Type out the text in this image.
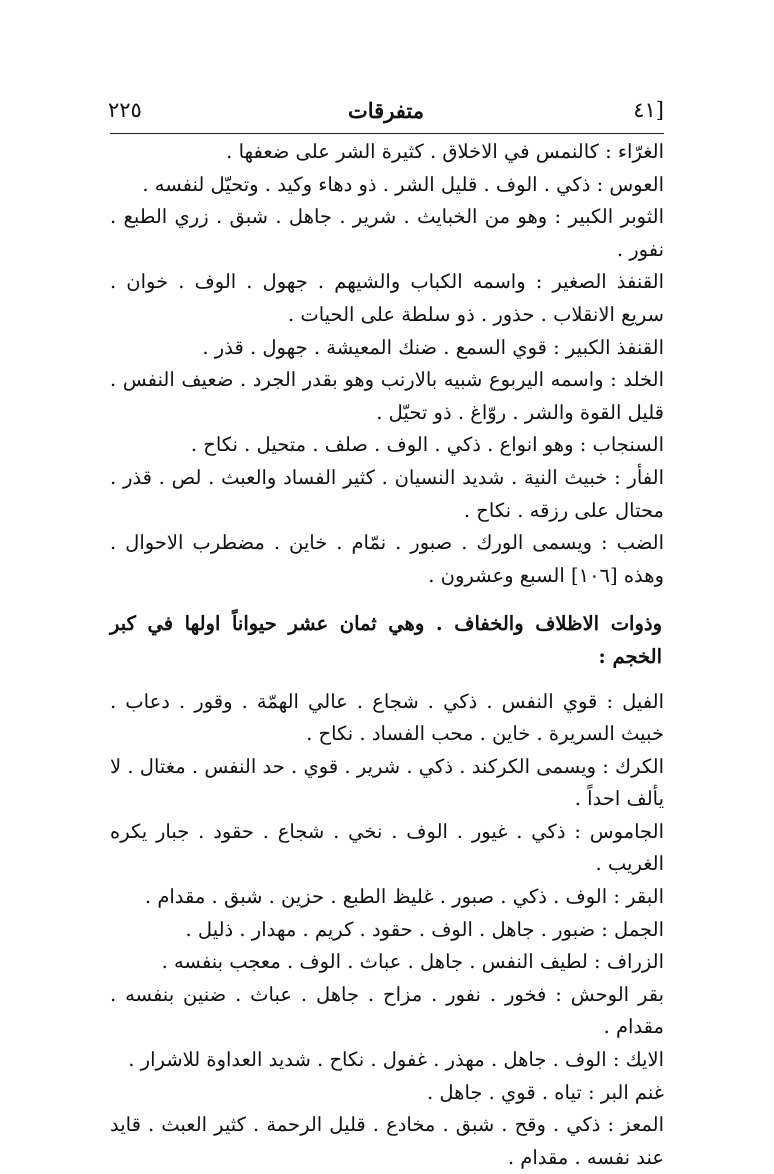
[٤١
متفرقات
٢٢٥

الغرّاء : كالنمس في الاخلاق . كثيرة الشر على ضعفها .

العوس : ذكي . الوف . قليل الشر . ذو دهاء وكيد . وتحيّل لنفسه .

الثوبر الكبير : وهو من الخبايث . شرير . جاهل . شبق . زري الطبع . نفور .

القنفذ الصغير : واسمه الكباب والشيهم . جهول . الوف . خوان . سريع الانقلاب . حذور . ذو سلطة على الحيات .

القنفذ الكبير : قوي السمع . ضنك المعيشة . جهول . قذر .

الخلد : واسمه اليربوع شبيه بالارنب وهو بقدر الجرد . ضعيف النفس . قليل القوة والشر . روّاغ . ذو تحيّل .

السنجاب : وهو انواع . ذكي . الوف . صلف . متحيل . نكاح .

الفأر : خبيث النية . شديد النسيان . كثير الفساد والعبث . لص . قذر . محتال على رزقه . نكاح .

الضب : ويسمى الورك . صبور . نمّام . خاين . مضطرب الاحوال . وهذه [١٠٦] السبع وعشرون .

وذوات الاظلاف والخفاف . وهي ثمان عشر حيواناً اولها في كبر الخجم :

الفيل : قوي النفس . ذكي . شجاع . عالي الهمّة . وقور . دعاب . خبيث السريرة . خاين . محب الفساد . نكاح .

الكرك : ويسمى الكركند . ذكي . شرير . قوي . حد النفس . مغتال . لا يألف احداً .

الجاموس : ذكي . غيور . الوف . نخي . شجاع . حقود . جبار يكره الغريب .

البقر : الوف . ذكي . صبور . غليظ الطبع . حزين . شبق . مقدام .

الجمل : ضبور . جاهل . الوف . حقود . كريم . مهدار . ذليل .

الزراف : لطيف النفس . جاهل . عباث . الوف . معجب بنفسه .

بقر الوحش : فخور . نفور . مزاح . جاهل . عباث . ضنين بنفسه . مقدام .

الايك : الوف . جاهل . مهذر . غفول . نكاح . شديد العداوة للاشرار .

غنم البر : تياه . قوي . جاهل .

المعز : ذكي . وقح . شبق . مخادع . قليل الرحمة . كثير العبث . قايد عند نفسه . مقدام .
